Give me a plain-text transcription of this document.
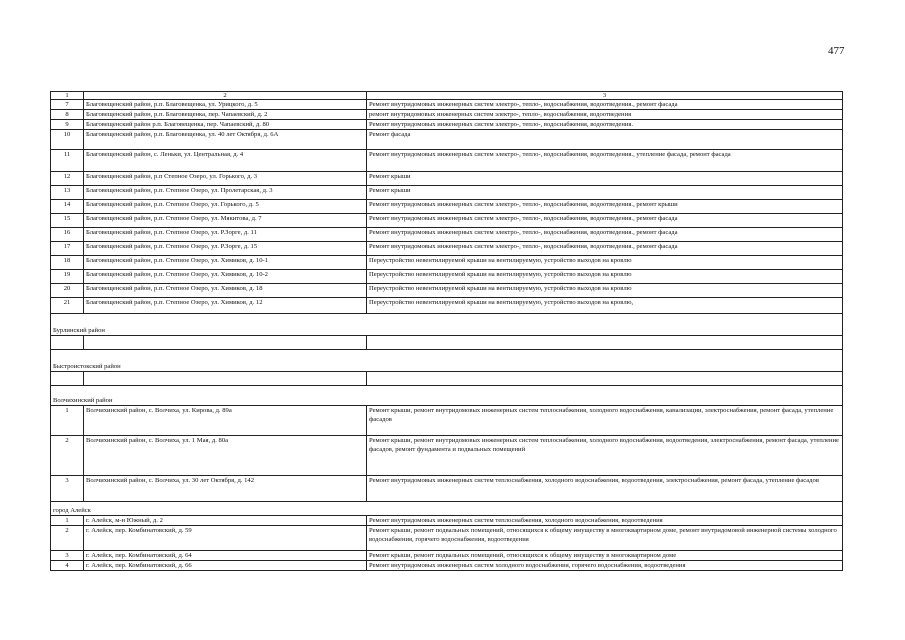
477
1	2	3
7	Благовещенский район, р.п. Благовещенка, ул. Урицкого, д. 5	Ремонт внутридомовых инженерных систем электро-, тепло-, водоснабжения, водоотведения., ремонт фасада
8	Благовещенский район, р.п. Благовещенка, пер. Чапаевский, д. 2	ремонт внутридомовых инженерных систем электро-, тепло-, водоснабжения, водоотведения
9	Благовещенский район р.п. Благовещенка, пер. Чапаевский, д. 80	Ремонт внутридомовых инженерных систем электро-, тепло-, водоснабжения, водоотведения.
10	Благовещенский район, р.п. Благовещенка, ул. 40 лет Октября, д. 6А	Ремонт фасада
11	Благовещенский район, с. Леньки, ул. Центральная, д. 4	Ремонт внутридомовых инженерных систем электро-, тепло-, водоснабжения, водоотведения., утепление фасада, ремонт фасада
12	Благовещенский район, р.п Степное Озеро, ул. Горького, д. 3	Ремонт крыши
13	Благовещенский район, р.п. Степное Озеро, ул. Пролетарская, д. 3	Ремонт крыши
14	Благовещенский район, р.п. Степное Озеро, ул. Горького, д. 5	Ремонт внутридомовых инженерных систем электро-, тепло-, водоснабжения, водоотведения., ремонт крыши
15	Благовещенский район, р.п. Степное Озеро, ул. Мякитова, д. 7	Ремонт внутридомовых инженерных систем электро-, тепло-, водоснабжения, водоотведения., ремонт фасада
16	Благовещенский район, р.п. Степное Озеро, ул. Р.Зорге, д. 11	Ремонт внутридомовых инженерных систем электро-, тепло-, водоснабжения, водоотведения., ремонт фасада
17	Благовещенский район, р.п. Степное Озеро, ул. Р.Зорге, д. 15	Ремонт внутридомовых инженерных систем электро-, тепло-, водоснабжения, водоотведения., ремонт фасада
18	Благовещенский район, р.п. Степное Озеро, ул. Химиков, д. 10-1	Переустройство невентилируемой крыши на вентилируемую, устройство выходов на кровлю
19	Благовещенский район, р.п. Степное Озеро, ул. Химиков, д. 10-2	Переустройство невентилируемой крыши на вентилируемую, устройство выходов на кровлю
20	Благовещенский район, р.п. Степное Озеро, ул. Химиков, д. 18	Переустройство невентилируемой крыши на вентилируемую, устройство выходов на кровлю
21	Благовещенский район, р.п. Степное Озеро, ул. Химиков, д. 12	Переустройство невентилируемой крыши на вентилируемую, устройство выходов на кровлю,
Бурлинский район		

Быстроистокский район		

Волчихинский район		
1	Волчихинский район, с. Волчиха, ул. Кирова, д. 89а	Ремонт крыши, ремонт внутридомовых инженерных систем теплоснабжения, холодного водоснабжения, канализации, электроснабжения, ремонт фасада, утепление фасадов
2	Волчихинский район, с. Волчиха, ул. 1 Мая, д. 80а	Ремонт крыши, ремонт внутридомовых инженерных систем теплоснабжения, холодного водоснабжения, водоотведения, электроснабжения, ремонт фасада, утепление фасадов, ремонт фундамента и подвальных помещений
3	Волчихинский район, с. Волчиха, ул. 30 лет Октября, д. 142	Ремонт внутридомовых инженерных систем теплоснабжения, холодного водоснабжения, водоотведения, электроснабжения, ремонт фасада, утепление фасадов
город Алейск		
1	г. Алейск, м-н Южный, д. 2	Ремонт внутридомовых инженерных систем теплоснабжения, холодного водоснабжения, водоотведения
2	г. Алейск, пер. Комбинатовский, д. 59	Ремонт крыши, ремонт подвальных помещений, относящихся к общему имуществу в многоквартирном доме, ремонт внутридомовой инженерной системы холодного водоснабжения, горячего водоснабжения, водоотведения
3	г. Алейск, пер. Комбинатовский, д. 64	Ремонт крыши, ремонт подвальных помещений, относящихся к общему имуществу в многоквартирном доме
4	г. Алейск, пер. Комбинатовский, д. 66	Ремонт внутридомовых инженерных систем холодного водоснабжения, горячего водоснабжения, водоотведения
